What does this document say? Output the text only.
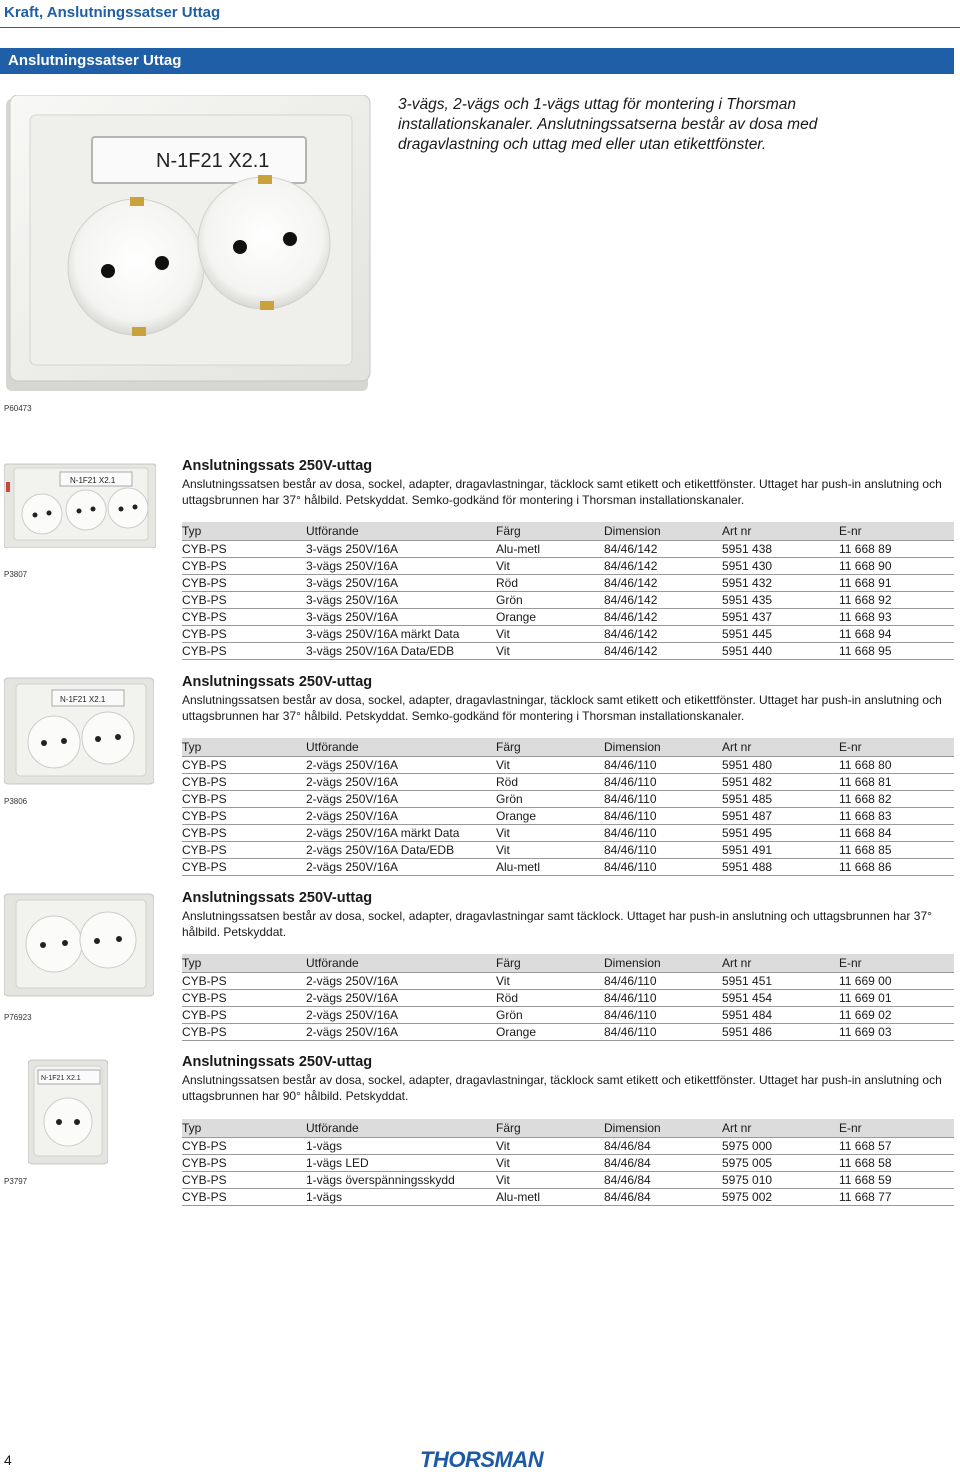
Kraft, Anslutningssatser Uttag
Anslutningssatser Uttag
3-vägs, 2-vägs och 1-vägs uttag för montering i Thorsman installationskanaler. Anslutningssatserna består av dosa med dragavlastning och uttag med eller utan etikettfönster.
N-1F21 X2.1
P60473
N-1F21 X2.1
P3807
Anslutningssats 250V-uttag
Anslutningssatsen består av dosa, sockel, adapter, dragavlastningar, täcklock samt etikett och etikettfönster. Uttaget har push-in anslutning och uttagsbrunnen har 37° hålbild. Petskyddat. Semko-godkänd för montering i Thorsman installationskanaler.
Typ	Utförande	Färg	Dimension	Art nr	E-nr
CYB-PS	3-vägs 250V/16A	Alu-metl	84/46/142	5951 438	11 668 89
CYB-PS	3-vägs 250V/16A	Vit	84/46/142	5951 430	11 668 90
CYB-PS	3-vägs 250V/16A	Röd	84/46/142	5951 432	11 668 91
CYB-PS	3-vägs 250V/16A	Grön	84/46/142	5951 435	11 668 92
CYB-PS	3-vägs 250V/16A	Orange	84/46/142	5951 437	11 668 93
CYB-PS	3-vägs 250V/16A märkt Data	Vit	84/46/142	5951 445	11 668 94
CYB-PS	3-vägs 250V/16A Data/EDB	Vit	84/46/142	5951 440	11 668 95
N-1F21 X2.1
P3806
Anslutningssats 250V-uttag
Anslutningssatsen består av dosa, sockel, adapter, dragavlastningar, täcklock samt etikett och etikettfönster. Uttaget har push-in anslutning och uttagsbrunnen har 37° hålbild. Petskyddat. Semko-godkänd för montering i Thorsman installationskanaler.
Typ	Utförande	Färg	Dimension	Art nr	E-nr
CYB-PS	2-vägs 250V/16A	Vit	84/46/110	5951 480	11 668 80
CYB-PS	2-vägs 250V/16A	Röd	84/46/110	5951 482	11 668 81
CYB-PS	2-vägs 250V/16A	Grön	84/46/110	5951 485	11 668 82
CYB-PS	2-vägs 250V/16A	Orange	84/46/110	5951 487	11 668 83
CYB-PS	2-vägs 250V/16A märkt Data	Vit	84/46/110	5951 495	11 668 84
CYB-PS	2-vägs 250V/16A Data/EDB	Vit	84/46/110	5951 491	11 668 85
CYB-PS	2-vägs 250V/16A	Alu-metl	84/46/110	5951 488	11 668 86
P76923
Anslutningssats 250V-uttag
Anslutningssatsen består av dosa, sockel, adapter, dragavlastningar samt täcklock. Uttaget har push-in anslutning och uttagsbrunnen har 37° hålbild. Petskyddat.
Typ	Utförande	Färg	Dimension	Art nr	E-nr
CYB-PS	2-vägs 250V/16A	Vit	84/46/110	5951 451	11 669 00
CYB-PS	2-vägs 250V/16A	Röd	84/46/110	5951 454	11 669 01
CYB-PS	2-vägs 250V/16A	Grön	84/46/110	5951 484	11 669 02
CYB-PS	2-vägs 250V/16A	Orange	84/46/110	5951 486	11 669 03
N-1F21 X2.1
P3797
Anslutningssats 250V-uttag
Anslutningssatsen består av dosa, sockel, adapter, dragavlastningar, täcklock samt etikett och etikettfönster. Uttaget har push-in anslutning och uttagsbrunnen har 90° hålbild. Petskyddat.
Typ	Utförande	Färg	Dimension	Art nr	E-nr
CYB-PS	1-vägs	Vit	84/46/84	5975 000	11 668 57
CYB-PS	1-vägs LED	Vit	84/46/84	5975 005	11 668 58
CYB-PS	1-vägs överspänningsskydd	Vit	84/46/84	5975 010	11 668 59
CYB-PS	1-vägs	Alu-metl	84/46/84	5975 002	11 668 77
4	THORSMAN
